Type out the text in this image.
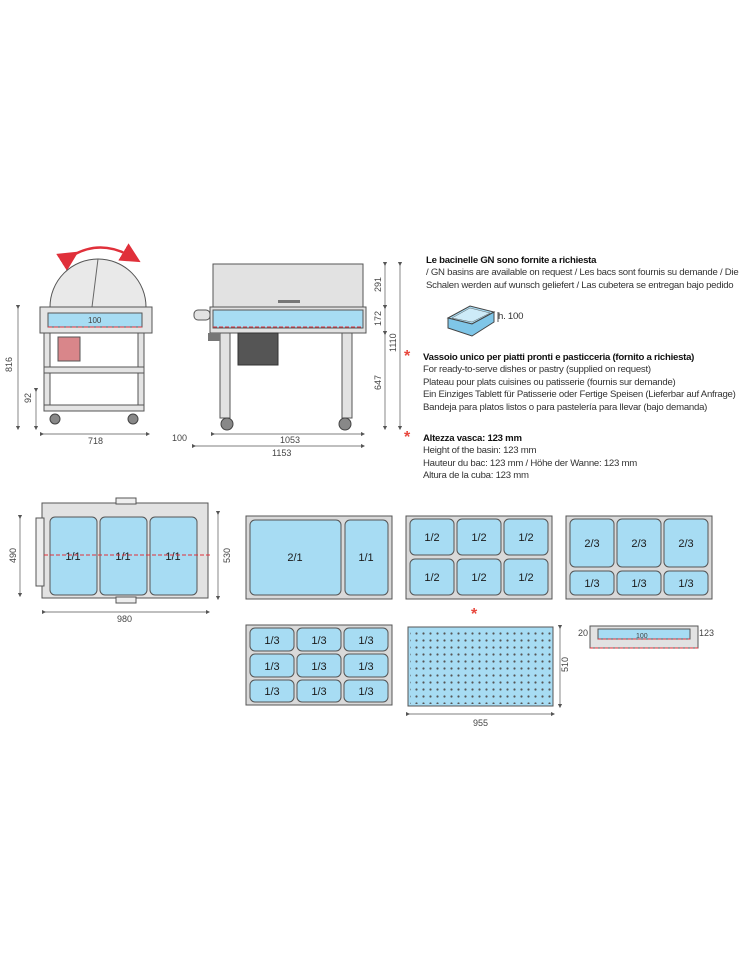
100
816
92
718	100
291
172
1110
647
1053
1153
1/1	1/1	1/1
490	530
980
2/1	1/1
1/2	1/2	1/2
1/2	1/2	1/2
2/3	2/3	2/3
1/3	1/3	1/3
1/3	1/3	1/3
1/3	1/3	1/3
1/3	1/3	1/3
510
955
100
20	123
Le bacinelle GN sono fornite a richiesta
/ GN basins are available on request / Les bacs sont fournis su demande / Die
Schalen werden auf wunsch geliefert / Las cubetera se entregan bajo pedido
h. 100
* Vassoio unico per piatti pronti e pasticceria (fornito a richiesta)
For ready-to-serve dishes or pastry (supplied on request)
Plateau pour plats cuisines ou patisserie (fournis sur demande)
Ein Einziges Tablett für Patisserie oder Fertige Speisen (Lieferbar auf Anfrage)
Bandeja para platos listos o para pastelería para llevar (bajo demanda)
* Altezza vasca: 123 mm
Height of the basin: 123 mm
Hauteur du bac: 123 mm / Höhe der Wanne: 123 mm
Altura de la cuba: 123 mm
*
